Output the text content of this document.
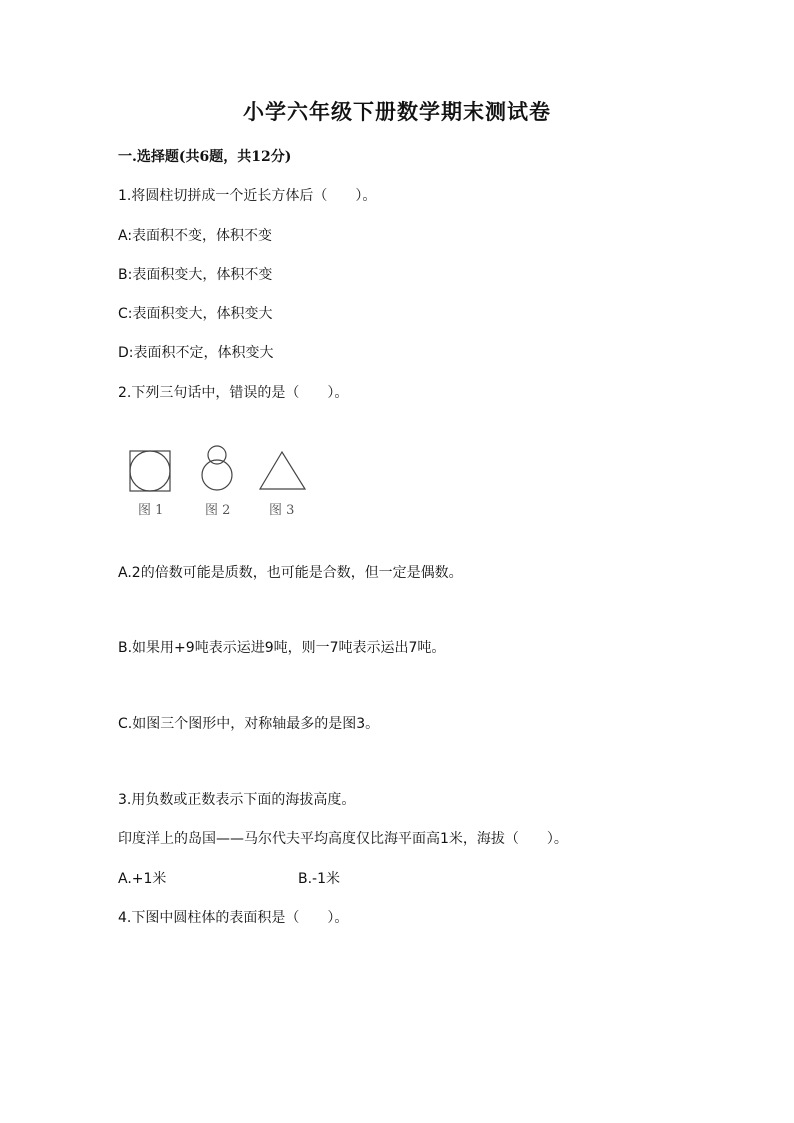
小学六年级下册数学期末测试卷
一.选择题(共6题，共12分)
1.将圆柱切拼成一个近长方体后（　　）。
A:表面积不变，体积不变
B:表面积变大，体积不变
C:表面积变大，体积变大
D:表面积不定，体积变大
2.下列三句话中，错误的是（　　）。
图 1	图 2	图 3
A.2的倍数可能是质数，也可能是合数，但一定是偶数。
B.如果用+9吨表示运进9吨，则一7吨表示运出7吨。
C.如图三个图形中，对称轴最多的是图3。
3.用负数或正数表示下面的海拔高度。
印度洋上的岛国——马尔代夫平均高度仅比海平面高1米，海拔（　　）。
A.+1米	B.-1米
4.下图中圆柱体的表面积是（　　）。
